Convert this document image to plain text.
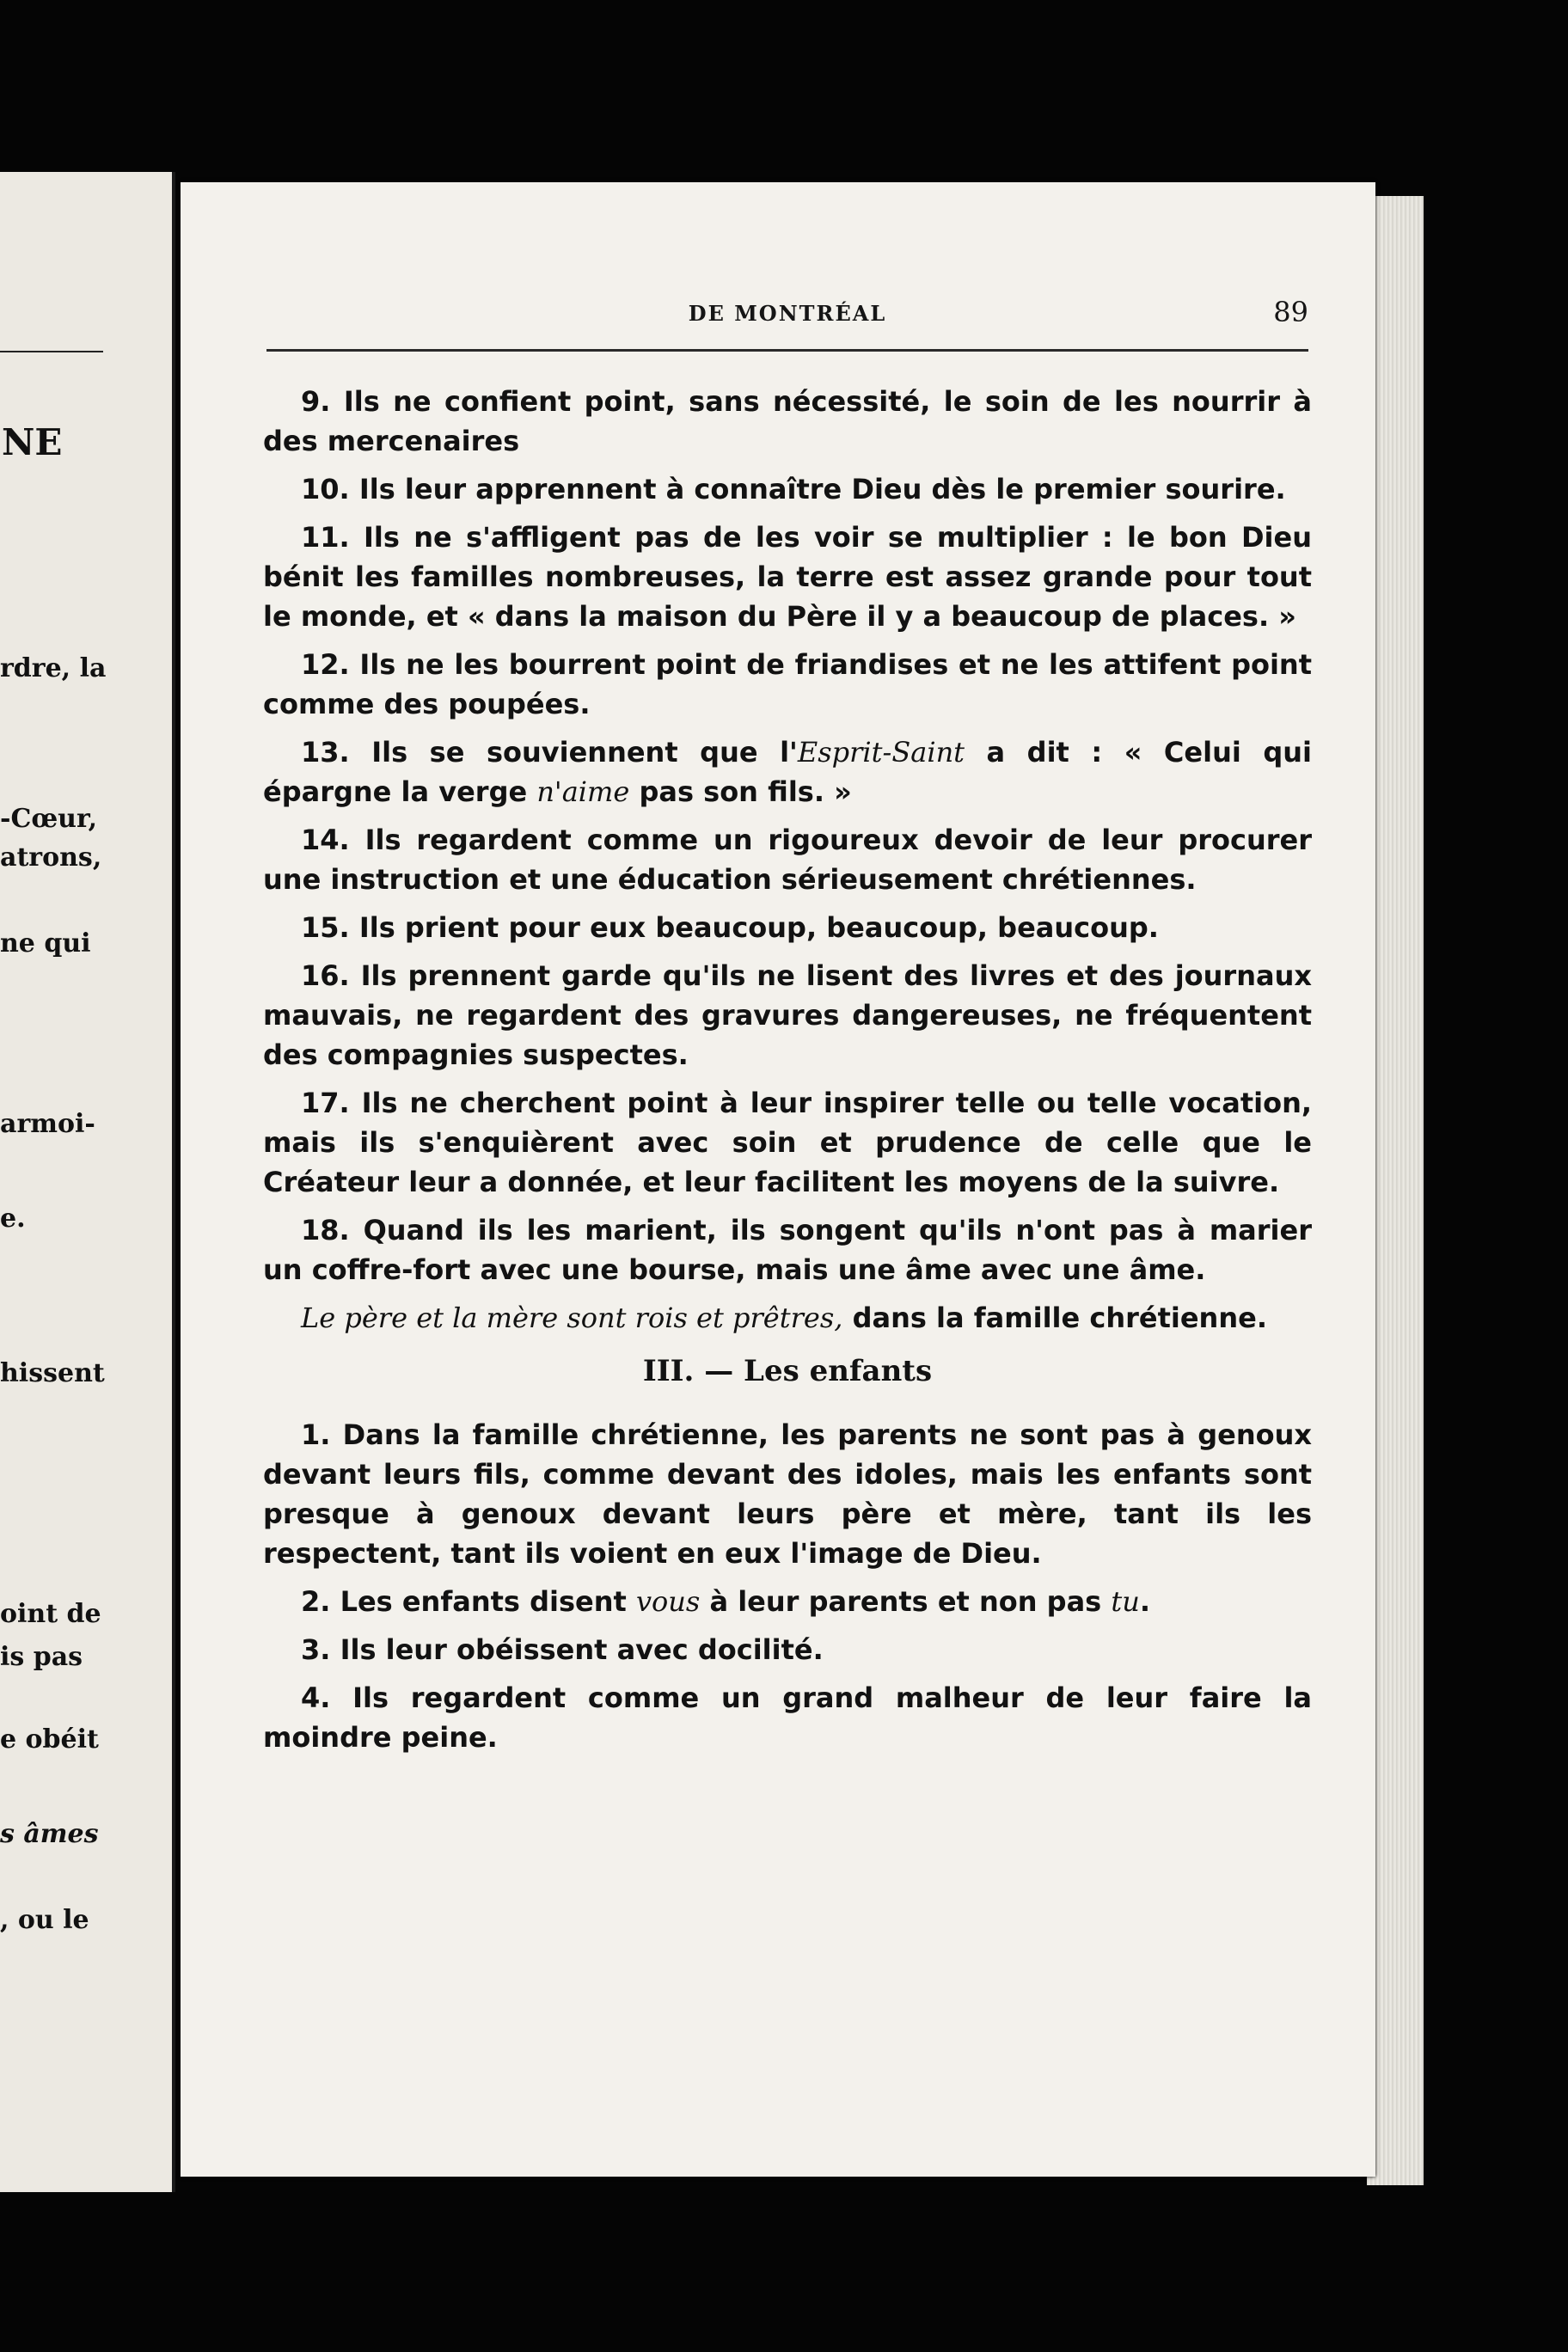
NE
rdre, la
-Cœur,
atrons,
ne qui
armoi-
e.
hissent
oint de
is pas
e obéit
s âmes
, ou le
DE MONTRÉAL	89

9. Ils ne confient point, sans nécessité, le soin de les nourrir à des mercenaires

10. Ils leur apprennent à connaître Dieu dès le premier sourire.

11. Ils ne s'affligent pas de les voir se multiplier : le bon Dieu bénit les familles nombreuses, la terre est assez grande pour tout le monde, et « dans la maison du Père il y a beaucoup de places. »

12. Ils ne les bourrent point de friandises et ne les attifent point comme des poupées.

13. Ils se souviennent que l'Esprit-Saint a dit : « Celui qui épargne la verge n'aime pas son fils. »

14. Ils regardent comme un rigoureux devoir de leur procurer une instruction et une éducation sérieusement chrétiennes.

15. Ils prient pour eux beaucoup, beaucoup, beaucoup.

16. Ils prennent garde qu'ils ne lisent des livres et des journaux mauvais, ne regardent des gravures dangereuses, ne fréquentent des compagnies suspectes.

17. Ils ne cherchent point à leur inspirer telle ou telle vocation, mais ils s'enquièrent avec soin et prudence de celle que le Créateur leur a donnée, et leur facilitent les moyens de la suivre.

18. Quand ils les marient, ils songent qu'ils n'ont pas à marier un coffre-fort avec une bourse, mais une âme avec une âme.

Le père et la mère sont rois et prêtres, dans la famille chrétienne.

III. — Les enfants

1. Dans la famille chrétienne, les parents ne sont pas à genoux devant leurs fils, comme devant des idoles, mais les enfants sont presque à genoux devant leurs père et mère, tant ils les respectent, tant ils voient en eux l'image de Dieu.

2. Les enfants disent vous à leur parents et non pas tu.

3. Ils leur obéissent avec docilité.

4. Ils regardent comme un grand malheur de leur faire la moindre peine.
